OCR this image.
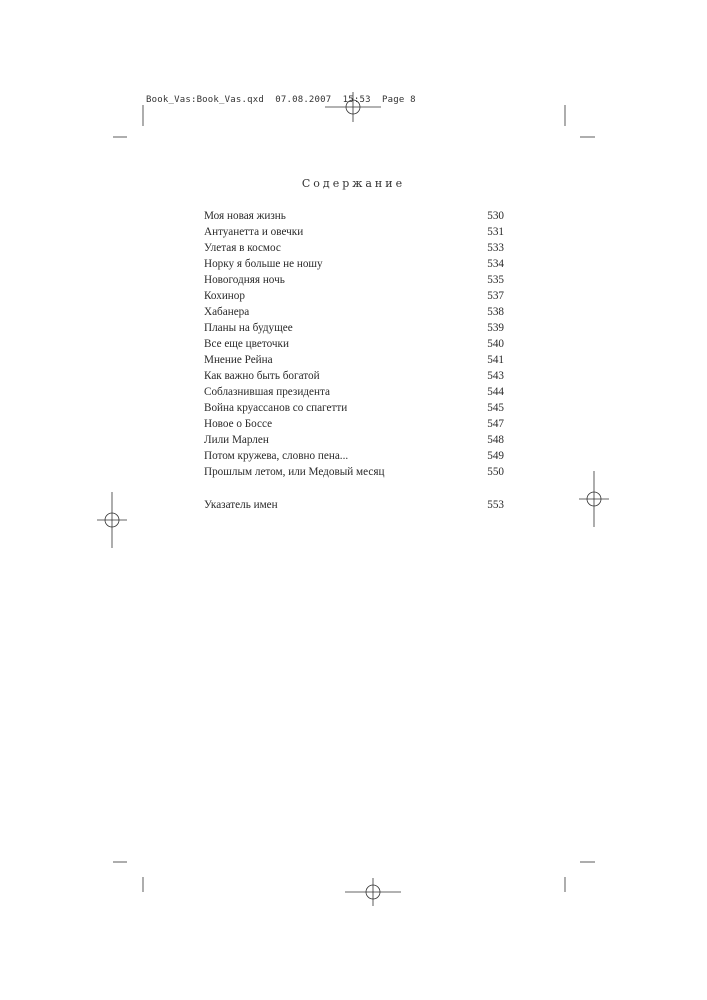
Book_Vas:Book_Vas.qxd  07.08.2007  15:53  Page 8
Содержание
Моя новая жизнь	530
Антуанетта и овечки	531
Улетая в космос	533
Норку я больше не ношу	534
Новогодняя ночь	535
Кохинор	537
Хабанера	538
Планы на будущее	539
Все еще цветочки	540
Мнение Рейна	541
Как важно быть богатой	543
Соблазнившая президента	544
Война круассанов со спагетти	545
Новое о Боссе	547
Лили Марлен	548
Потом кружева, словно пена...	549
Прошлым летом, или Медовый месяц	550
Указатель имен	553
